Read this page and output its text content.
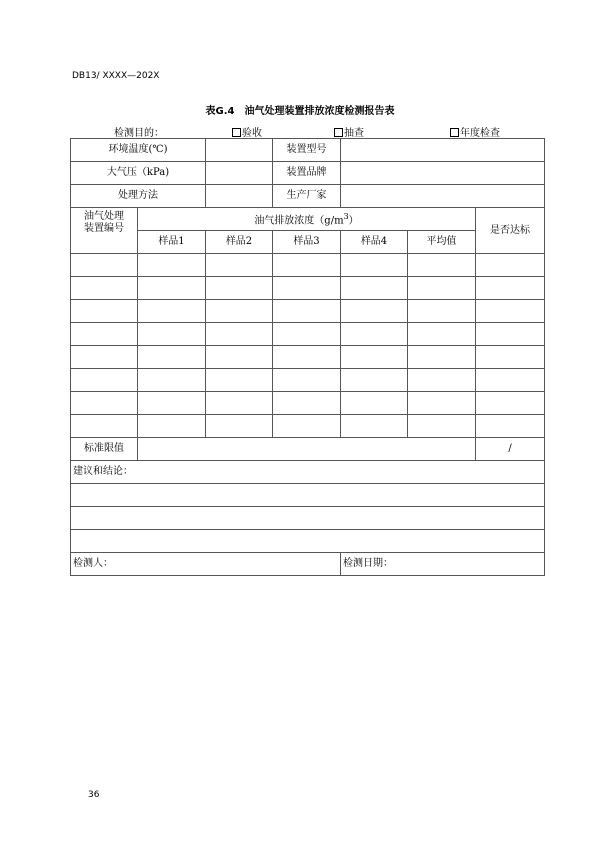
DB13/ XXXX—202X
表G.4　油气处理装置排放浓度检测报告表
检测目的：	验收	抽查	年度检查
环境温度(℃)			装置型号			
大气压（kPa)			装置品牌			
处理方法			生产厂家			

油气处理
装置编号	油气排放浓度$(g/m^3)$					是否达标
	样品1	样品2	样品3	样品4	平均值	

标准限值						/
建议和结论：						

检测人：				检测日期：		
36
